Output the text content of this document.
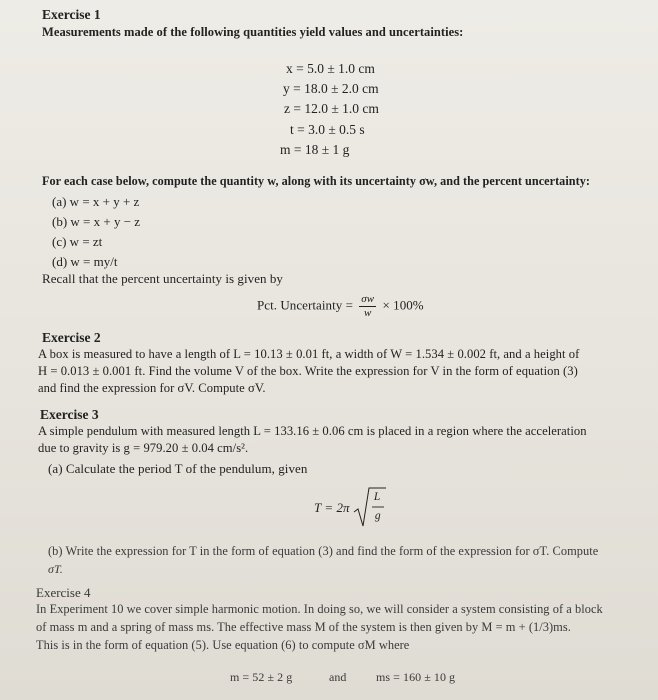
Exercise 1
Measurements made of the following quantities yield values and uncertainties:
x = 5.0 ± 1.0 cm
y = 18.0 ± 2.0 cm
z = 12.0 ± 1.0 cm
t = 3.0 ± 0.5 s
m = 18 ± 1 g
For each case below, compute the quantity w, along with its uncertainty σw, and the percent uncertainty:
(a) w = x + y + z
(b) w = x + y − z
(c) w = zt
(d) w = my/t
Recall that the percent uncertainty is given by
Pct. Uncertainty = $\frac{\sigma w}{w} \times 100\%$
Exercise 2
A box is measured to have a length of L = 10.13 ± 0.01 ft, a width of W = 1.534 ± 0.002 ft, and a height of
H = 0.013 ± 0.001 ft. Find the volume V of the box. Write the expression for V in the form of equation (3)
and find the expression for σV. Compute σV.
Exercise 3
A simple pendulum with measured length L = 133.16 ± 0.06 cm is placed in a region where the acceleration
due to gravity is g = 979.20 ± 0.04 cm/s².
(a) Calculate the period T of the pendulum, given
T = 2π
L
g
(b) Write the expression for T in the form of equation (3) and find the form of the expression for σT. Compute
σT.
Exercise 4
In Experiment 10 we cover simple harmonic motion. In doing so, we will consider a system consisting of a block
of mass m and a spring of mass ms. The effective mass M of the system is then given by M = m + (1/3)ms.
This is in the form of equation (5). Use equation (6) to compute σM where
m = 52 ± 2 g	and ms = 160 ± 10 g
